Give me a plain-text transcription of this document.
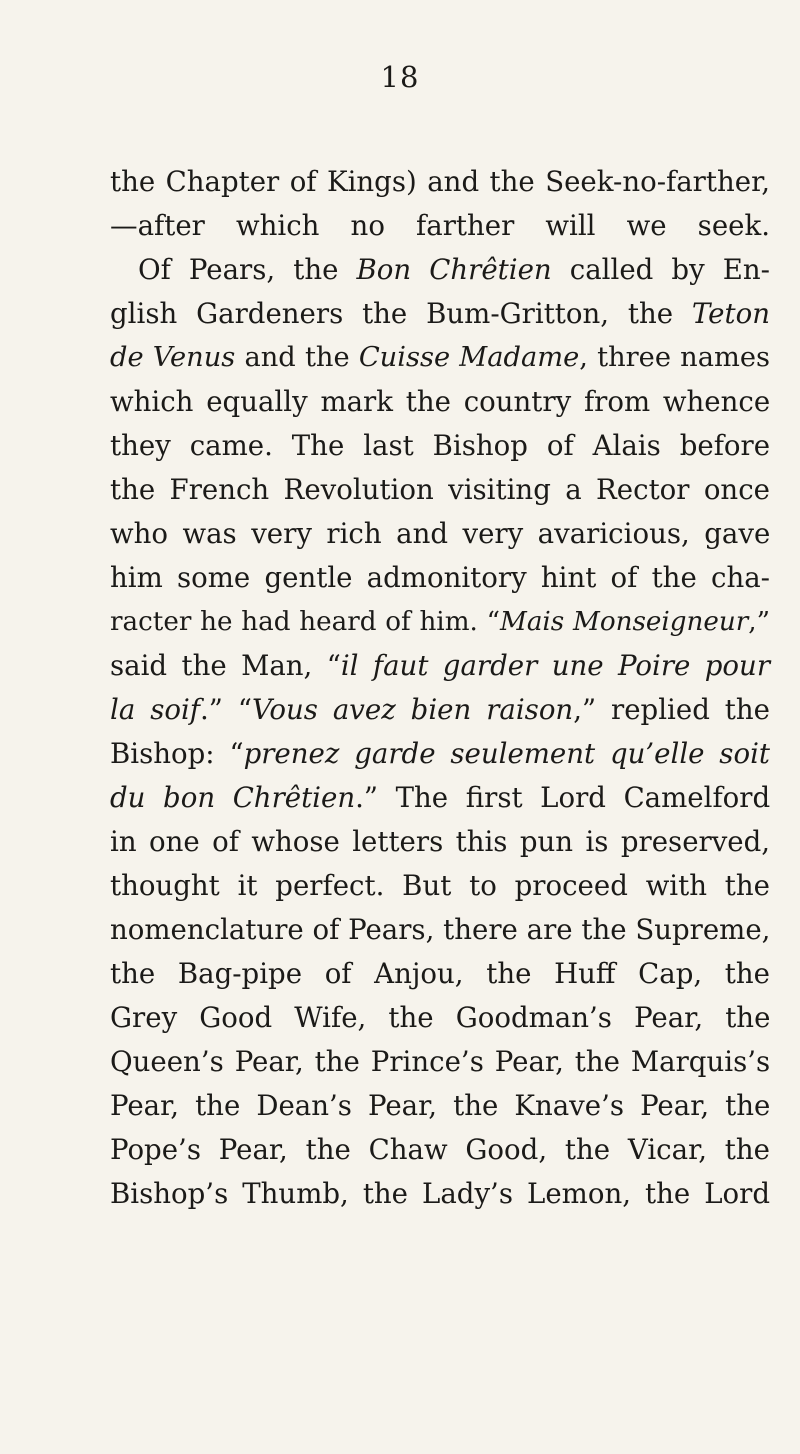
18
the Chapter of Kings) and the Seek-no-farther,
—after which no farther will we seek.
Of Pears, the Bon Chrêtien called by En-
glish Gardeners the Bum-Gritton, the Teton
de Venus and the Cuisse Madame, three names
which equally mark the country from whence
they came. The last Bishop of Alais before
the French Revolution visiting a Rector once
who was very rich and very avaricious, gave
him some gentle admonitory hint of the cha-
racter he had heard of him. “Mais Monseigneur,”
said the Man, “il faut garder une Poire pour
la soif.” “Vous avez bien raison,” replied the
Bishop: “prenez garde seulement qu’elle soit
du bon Chrêtien.” The first Lord Camelford
in one of whose letters this pun is preserved,
thought it perfect. But to proceed with the
nomenclature of Pears, there are the Supreme,
the Bag-pipe of Anjou, the Huff Cap, the
Grey Good Wife, the Goodman’s Pear, the
Queen’s Pear, the Prince’s Pear, the Marquis’s
Pear, the Dean’s Pear, the Knave’s Pear, the
Pope’s Pear, the Chaw Good, the Vicar, the
Bishop’s Thumb, the Lady’s Lemon, the Lord
